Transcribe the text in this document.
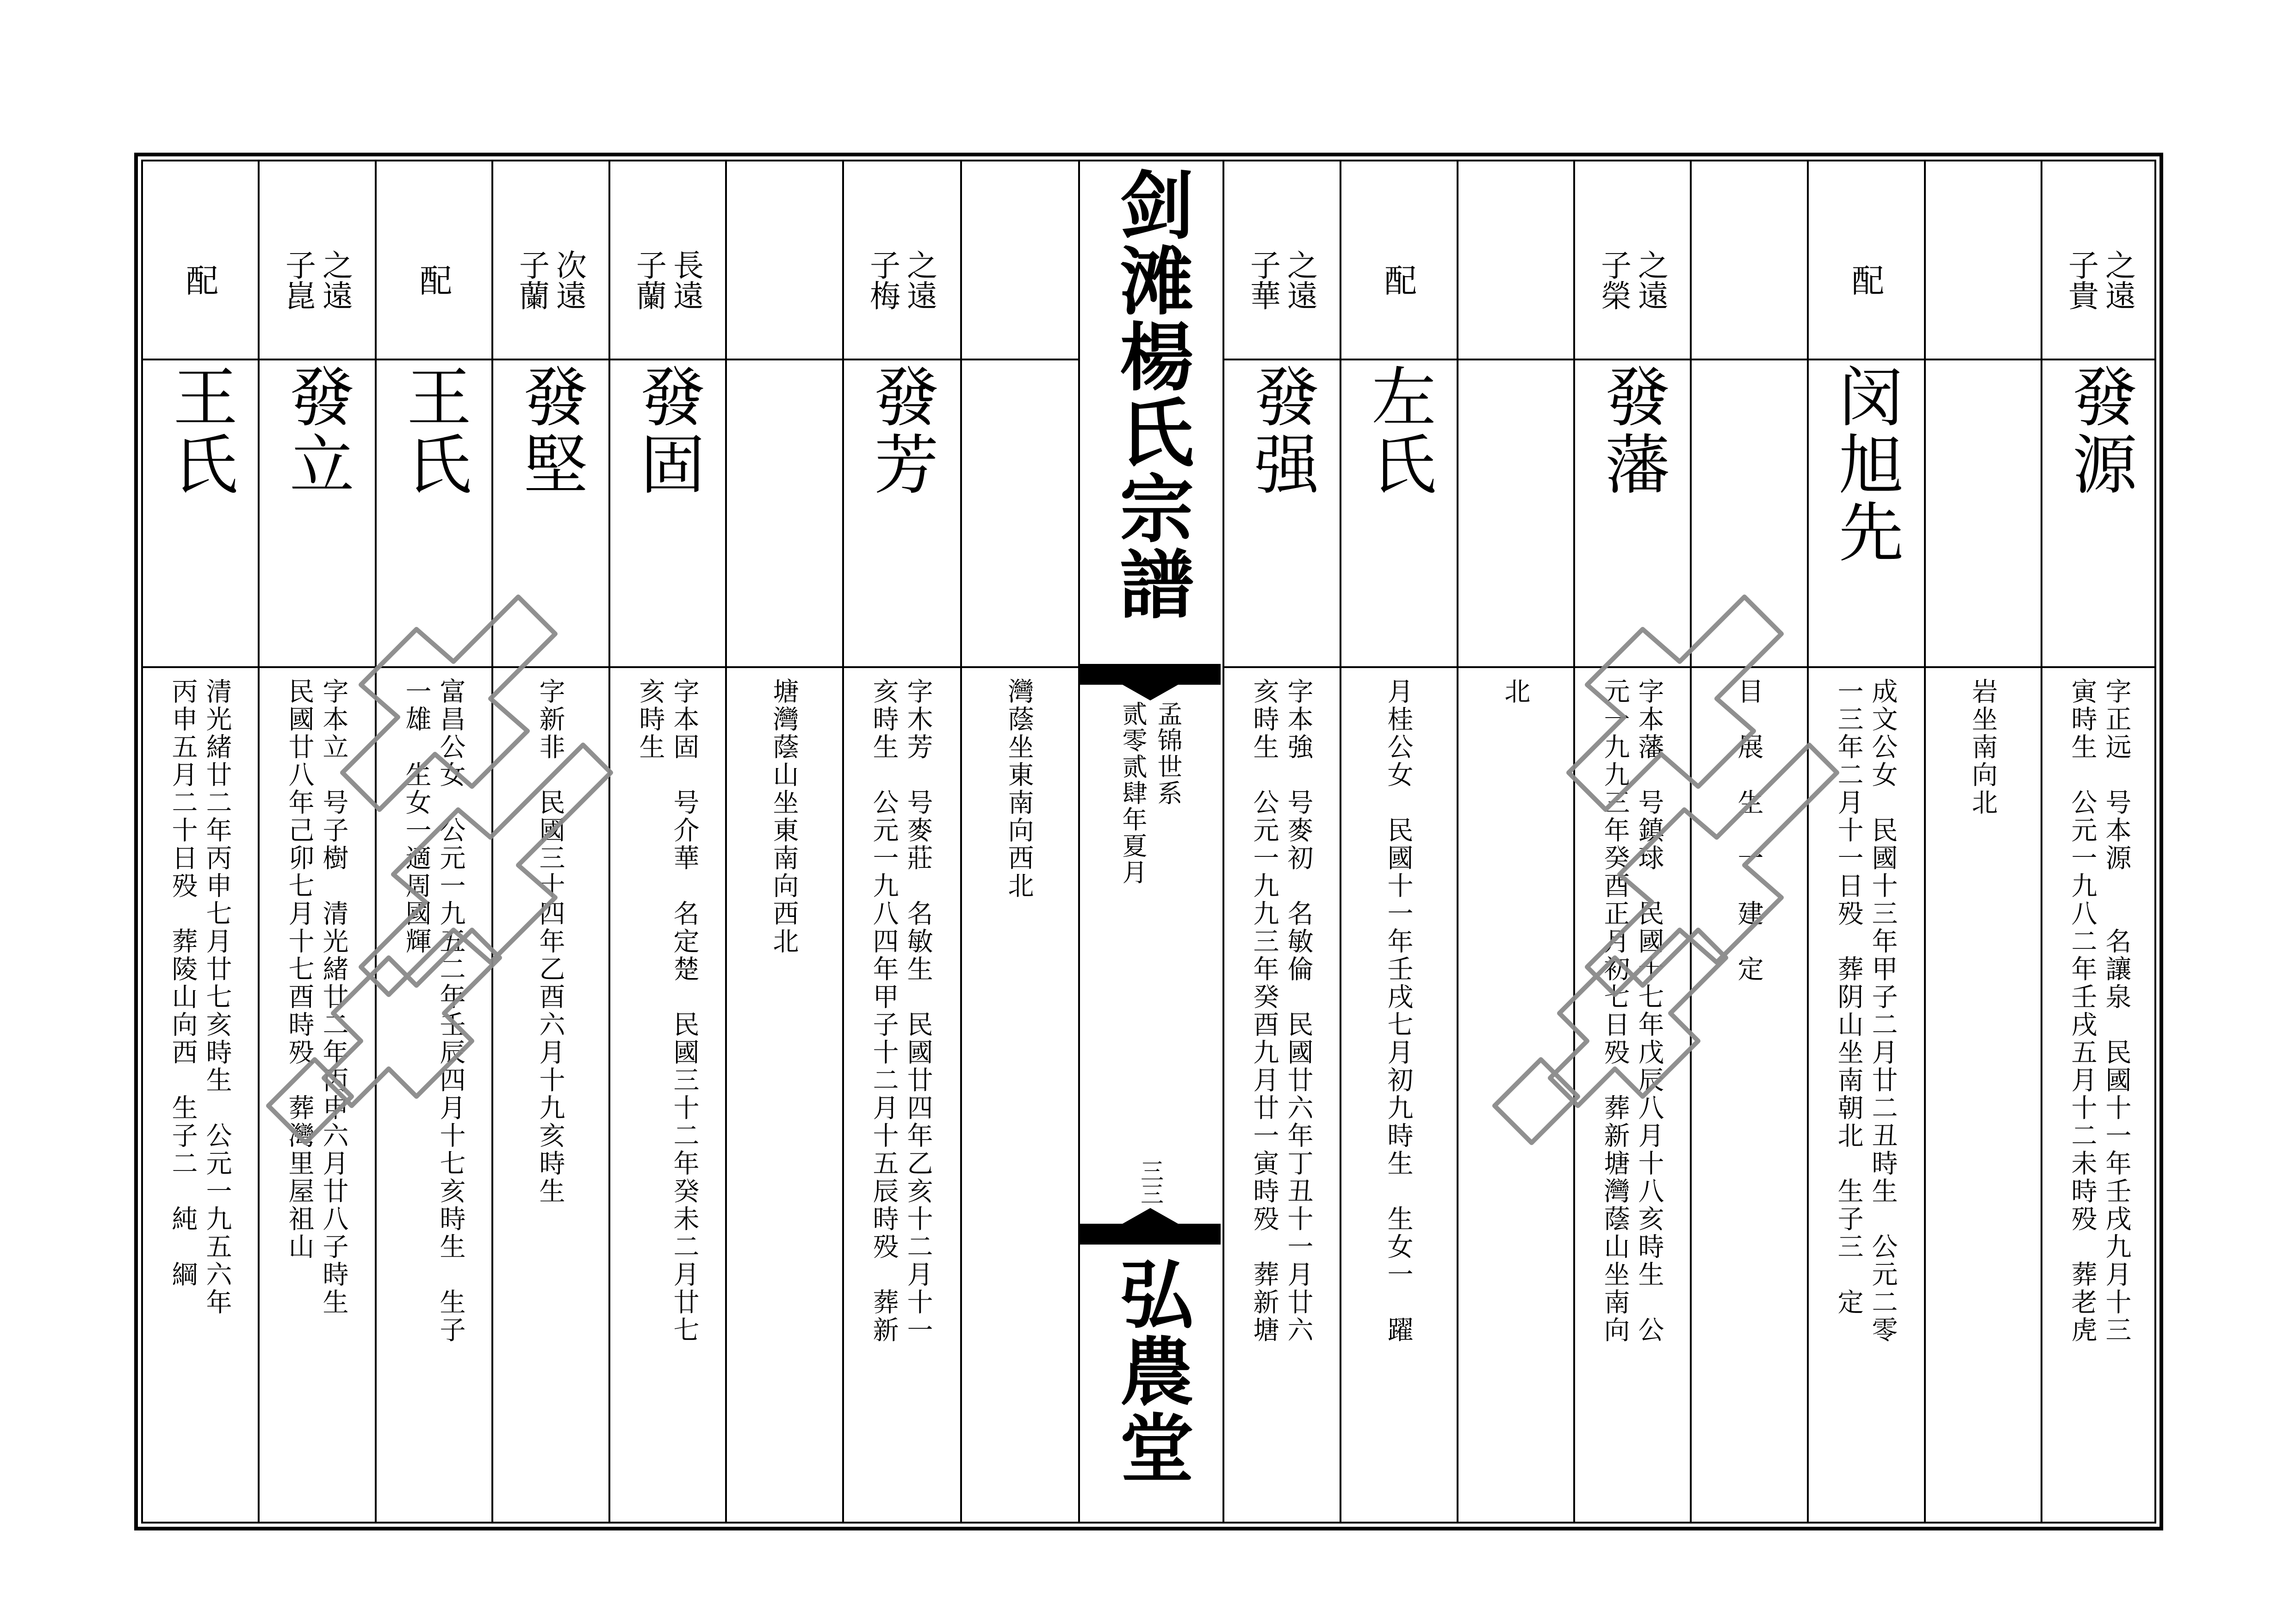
剑滩楊氏宗譜
孟锦世系
贰零贰肆年夏月
三三
弘農堂
之遠
子貴
發源
字正远　号本源　　名讓泉　民國十一年壬戌九月十三
寅時生　公元一九八二年壬戌五月十二未時殁　葬老虎
岩坐南向北
配
闵旭先
成文公女　民國十三年甲子二月廿二丑時生　公元二零
一三年二月十一日殁　葬阴山坐南朝北　生子三　定
目　展　生　一　建　定
之遠
子榮
發藩
字本藩　号鎮球　民國十七年戊辰八月十八亥時生　公
元一九九三年癸酉正月初七日殁　葬新塘灣蔭山坐南向
北
配
左氏
月桂公女　民國十一年壬戌七月初九時生　生女一　躍
之遠
子華
發强
字本強　号麥初　名敏倫　民國廿六年丁丑十一月廿六
亥時生　公元一九九三年癸酉九月廿一寅時殁　葬新塘
灣蔭坐東南向西北
之遠
子梅
發芳
字木芳　号麥莊　名敏生　民國廿四年乙亥十二月十一
亥時生　公元一九八四年甲子十二月十五辰時殁　葬新
塘灣蔭山坐東南向西北
長遠
子蘭
發固
字本固　号介華　名定楚　民國三十二年癸未二月廿七
亥時生
次遠
子蘭
發堅
字新非　民國三十四年乙酉六月十九亥時生
配
王氏
富昌公女　公元一九五二年壬辰四月十七亥時生　生子
一雄　生女一適周國輝
之遠
子崑
發立
字本立　号子樹　清光緒廿二年丙申六月廿八子時生
民國廿八年己卯七月十七酉時殁　葬灣里屋祖山
配
王氏
清光緒廿二年丙申七月廿七亥時生　公元一九五六年
丙申五月二十日殁　葬陵山向西　生子二　純　綱
